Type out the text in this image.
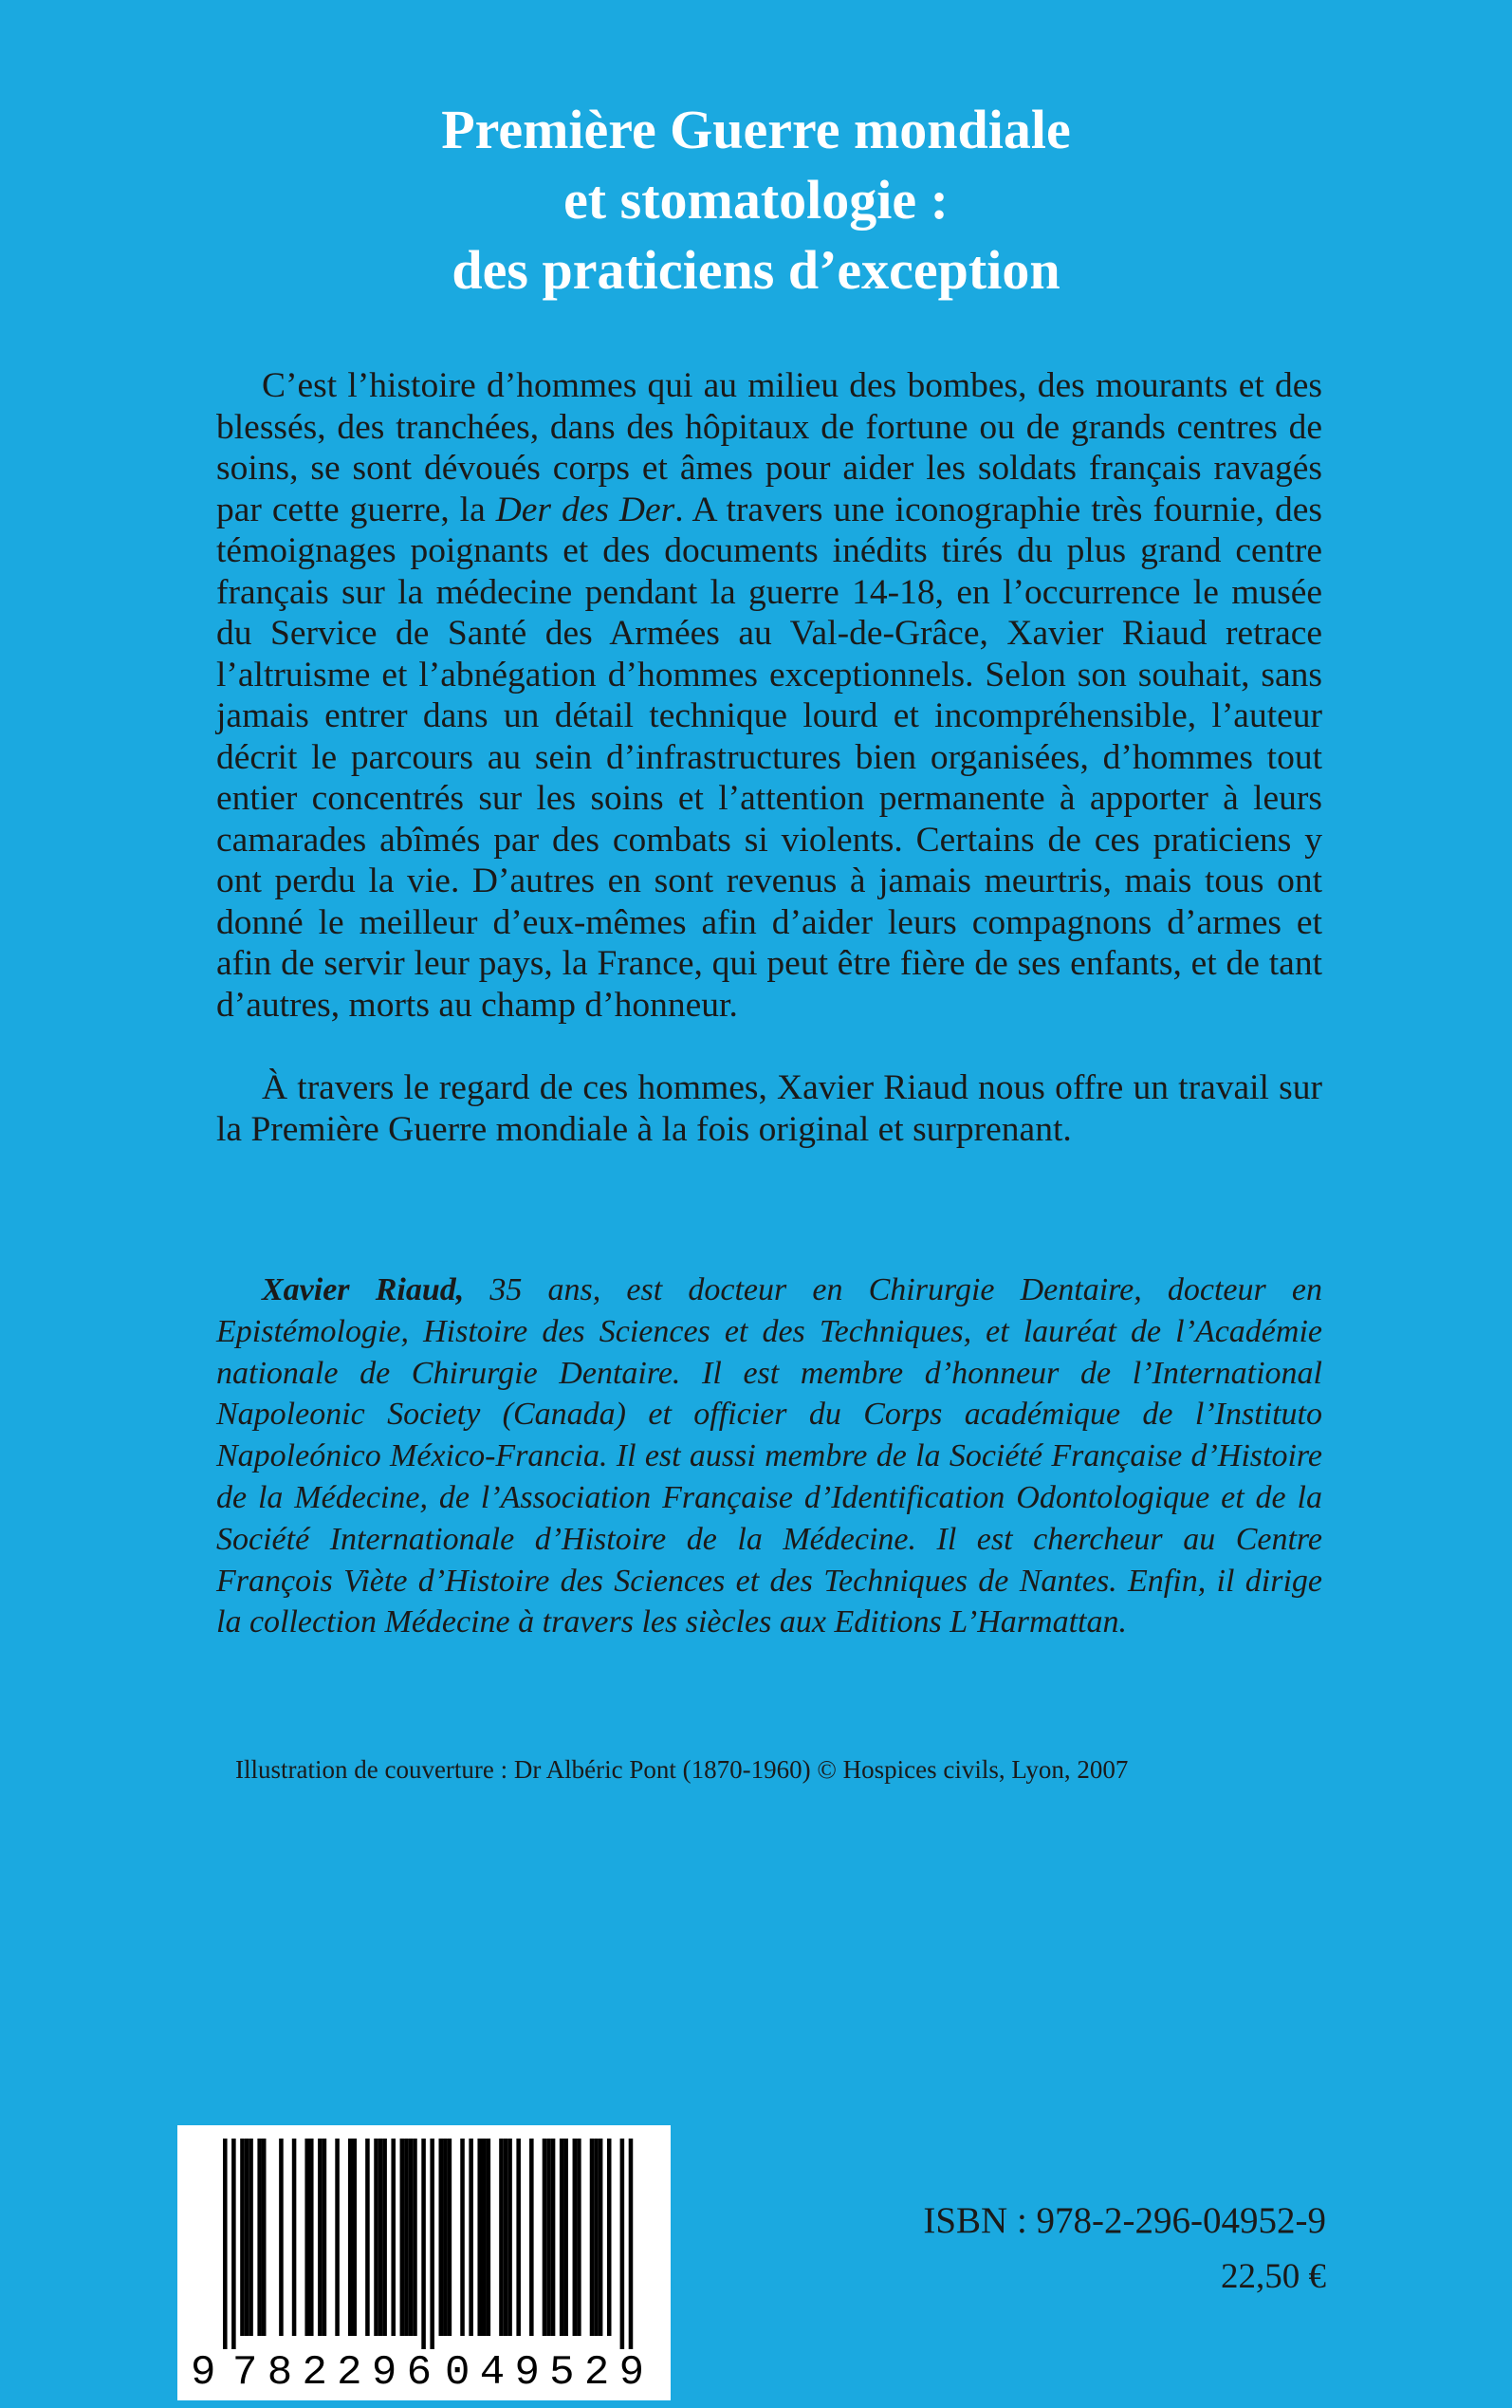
Première Guerre mondiale
et stomatologie :
des praticiens d’exception

C’est l’histoire d’hommes qui au milieu des bombes, des mourants et des blessés, des tranchées, dans des hôpitaux de fortune ou de grands centres de soins, se sont dévoués corps et âmes pour aider les soldats français ravagés par cette guerre, la Der des Der. A travers une iconographie très fournie, des témoignages poignants et des documents inédits tirés du plus grand centre français sur la médecine pendant la guerre 14-18, en l’occurrence le musée du Service de Santé des Armées au Val-de-Grâce, Xavier Riaud retrace l’altruisme et l’abnégation d’hommes exceptionnels. Selon son souhait, sans jamais entrer dans un détail technique lourd et incompréhensible, l’auteur décrit le parcours au sein d’infrastructures bien organisées, d’hommes tout entier concentrés sur les soins et l’attention permanente à apporter à leurs camarades abîmés par des combats si violents. Certains de ces praticiens y ont perdu la vie. D’autres en sont revenus à jamais meurtris, mais tous ont donné le meilleur d’eux-mêmes afin d’aider leurs compagnons d’armes et afin de servir leur pays, la France, qui peut être fière de ses enfants, et de tant d’autres, morts au champ d’honneur.

À travers le regard de ces hommes, Xavier Riaud nous offre un travail sur la Première Guerre mondiale à la fois original et surprenant.

Xavier Riaud, 35 ans, est docteur en Chirurgie Dentaire, docteur en Epistémologie, Histoire des Sciences et des Techniques, et lauréat de l’Académie nationale de Chirurgie Dentaire. Il est membre d’honneur de l’International Napoleonic Society (Canada) et officier du Corps académique de l’Instituto Napoleónico México-Francia. Il est aussi membre de la Société Française d’Histoire de la Médecine, de l’Association Française d’Identification Odontologique et de la Société Internationale d’Histoire de la Médecine. Il est chercheur au Centre François Viète d’Histoire des Sciences et des Techniques de Nantes. Enfin, il dirige la collection Médecine à travers les siècles aux Editions L’Harmattan.
Illustration de couverture : Dr Albéric Pont (1870-1960) © Hospices civils, Lyon, 2007
9 782296 049529
ISBN : 978-2-296-04952-9
22,50 €
